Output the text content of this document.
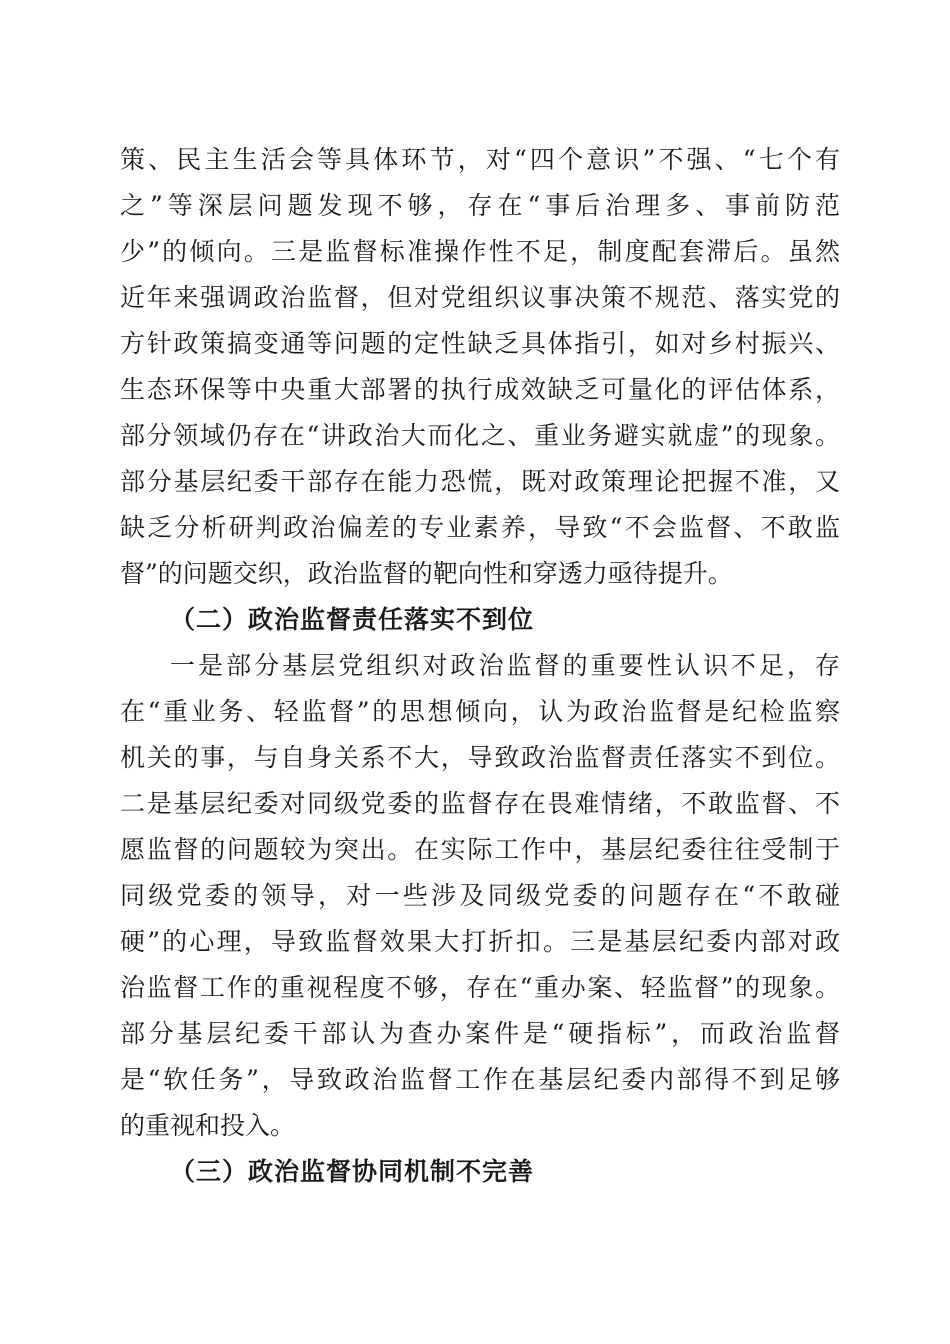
策、民主生活会等具体环节，对“四个意识”不强、“七个有
之”等深层问题发现不够，存在“事后治理多、事前防范
少”的倾向。三是监督标准操作性不足，制度配套滞后。虽然
近年来强调政治监督，但对党组织议事决策不规范、落实党的
方针政策搞变通等问题的定性缺乏具体指引，如对乡村振兴、
生态环保等中央重大部署的执行成效缺乏可量化的评估体系，
部分领域仍存在“讲政治大而化之、重业务避实就虚”的现象。
部分基层纪委干部存在能力恐慌，既对政策理论把握不准，又
缺乏分析研判政治偏差的专业素养，导致“不会监督、不敢监
督”的问题交织，政治监督的靶向性和穿透力亟待提升。
（二）政治监督责任落实不到位
一是部分基层党组织对政治监督的重要性认识不足，存
在“重业务、轻监督”的思想倾向，认为政治监督是纪检监察
机关的事，与自身关系不大，导致政治监督责任落实不到位。
二是基层纪委对同级党委的监督存在畏难情绪，不敢监督、不
愿监督的问题较为突出。在实际工作中，基层纪委往往受制于
同级党委的领导，对一些涉及同级党委的问题存在“不敢碰
硬”的心理，导致监督效果大打折扣。三是基层纪委内部对政
治监督工作的重视程度不够，存在“重办案、轻监督”的现象。
部分基层纪委干部认为查办案件是“硬指标”，而政治监督
是“软任务”，导致政治监督工作在基层纪委内部得不到足够
的重视和投入。
（三）政治监督协同机制不完善
